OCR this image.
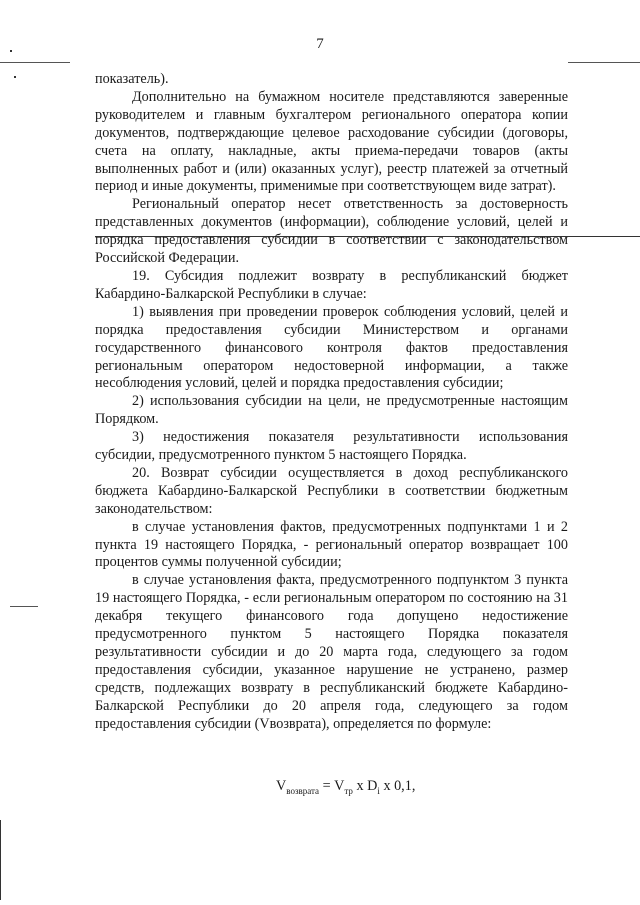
7

показатель).

Дополнительно на бумажном носителе представляются заверенные руководителем и главным бухгалтером регионального оператора копии документов, подтверждающие целевое расходование субсидии (договоры, счета на оплату, накладные, акты приема-передачи товаров (акты выполненных работ и (или) оказанных услуг), реестр платежей за отчетный период и иные документы, применимые при соответствующем виде затрат).

Региональный оператор несет ответственность за достоверность представленных документов (информации), соблюдение условий, целей и порядка предоставления субсидии в соответствии с законодательством Российской Федерации.

19. Субсидия подлежит возврату в республиканский бюджет Кабардино-Балкарской Республики в случае:

1) выявления при проведении проверок соблюдения условий, целей и порядка предоставления субсидии Министерством и органами государственного финансового контроля фактов предоставления региональным оператором недостоверной информации, а также несоблюдения условий, целей и порядка предоставления субсидии;

2) использования субсидии на цели, не предусмотренные настоящим Порядком.

3) недостижения показателя результативности использования субсидии, предусмотренного пунктом 5 настоящего Порядка.

20. Возврат субсидии осуществляется в доход республиканского бюджета Кабардино-Балкарской Республики в соответствии бюджетным законодательством:

в случае установления фактов, предусмотренных подпунктами 1 и 2 пункта 19 настоящего Порядка, - региональный оператор возвращает 100 процентов суммы полученной субсидии;

в случае установления факта, предусмотренного подпунктом 3 пункта 19 настоящего Порядка, - если региональным оператором по состоянию на 31 декабря текущего финансового года допущено недостижение предусмотренного пунктом 5 настоящего Порядка показателя результативности субсидии и до 20 марта года, следующего за годом предоставления субсидии, указанное нарушение не устранено, размер средств, подлежащих возврату в республиканский бюджете Кабардино-Балкарской Республики до 20 апреля года, следующего за годом предоставления субсидии (Vвозврата), определяется по формуле:

$V_{возврата} = V_{тр}$ x $D_i$ x 0,1,
